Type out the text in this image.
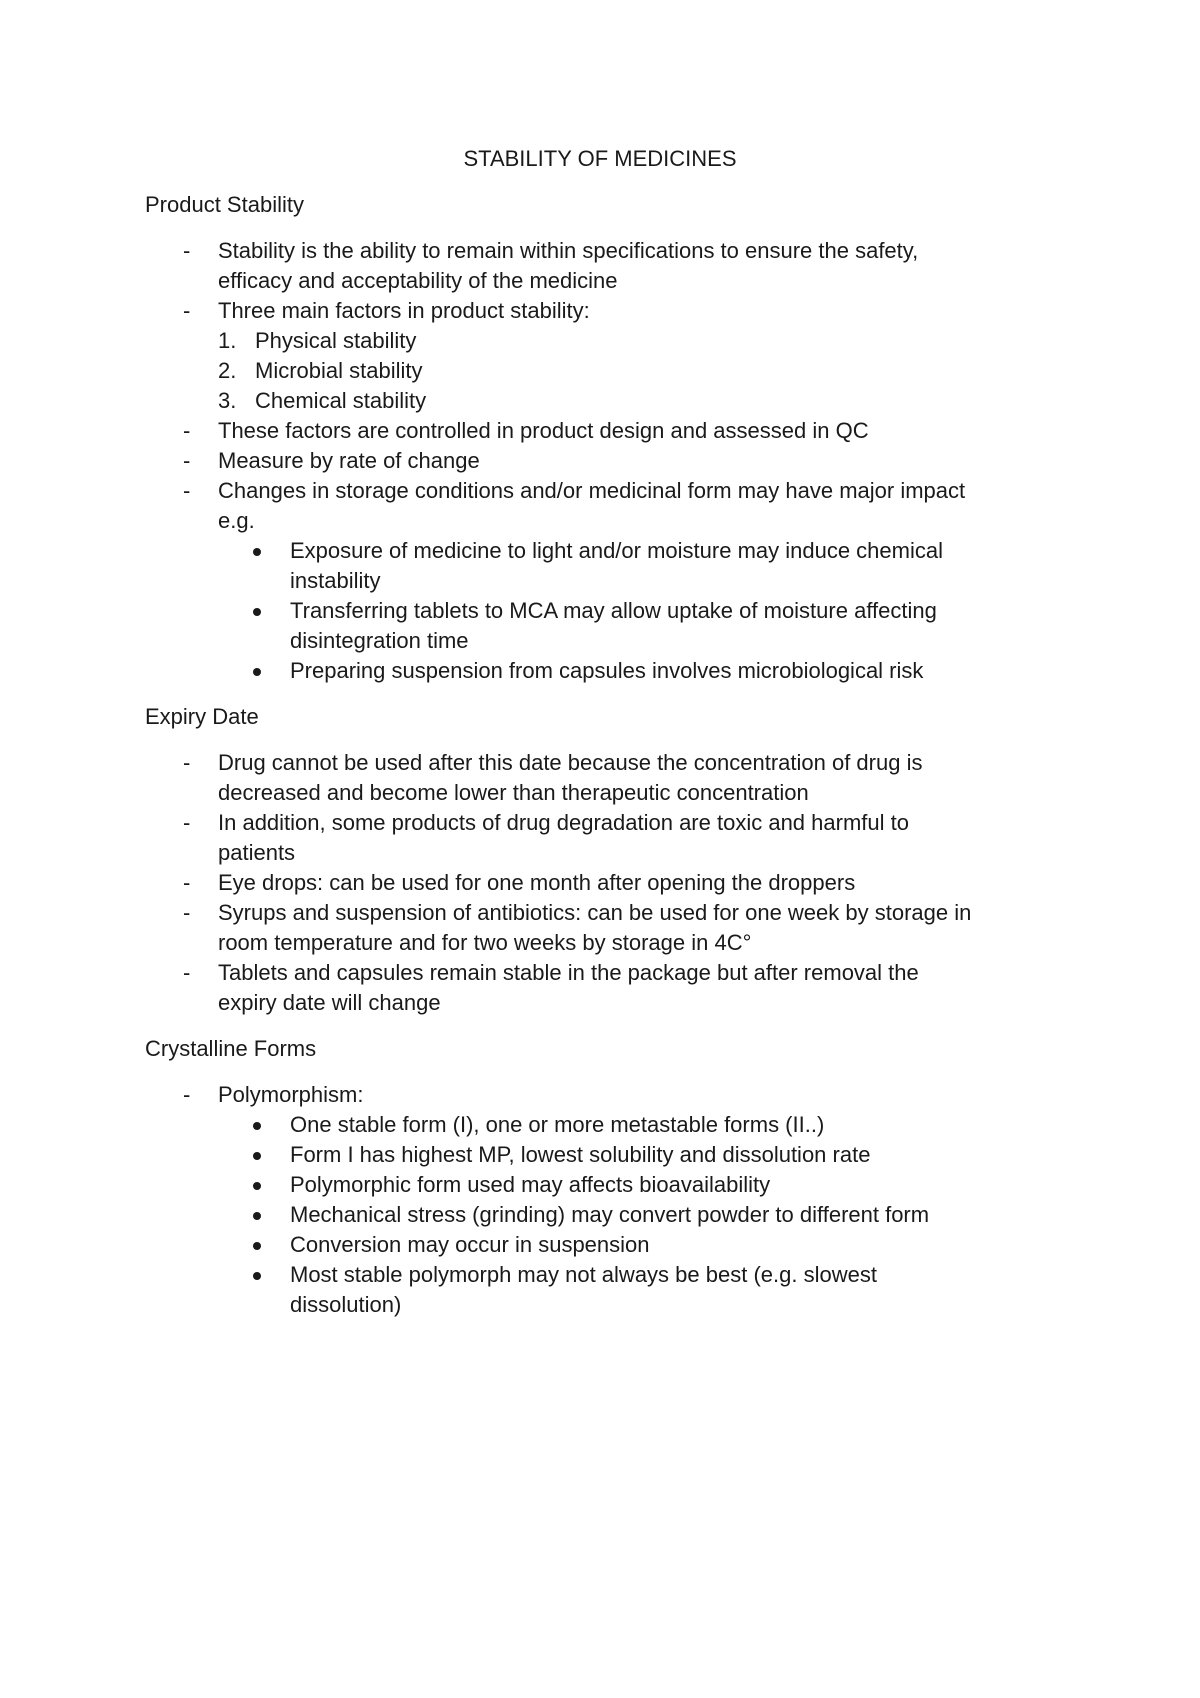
STABILITY OF MEDICINES
Product Stability
- Stability is the ability to remain within specifications to ensure the safety,
efficacy and acceptability of the medicine
- Three main factors in product stability:
1. Physical stability
2. Microbial stability
3. Chemical stability
- These factors are controlled in product design and assessed in QC
- Measure by rate of change
- Changes in storage conditions and/or medicinal form may have major impact
e.g.
Exposure of medicine to light and/or moisture may induce chemical
instability
Transferring tablets to MCA may allow uptake of moisture affecting
disintegration time
Preparing suspension from capsules involves microbiological risk
Expiry Date
- Drug cannot be used after this date because the concentration of drug is
decreased and become lower than therapeutic concentration
- In addition, some products of drug degradation are toxic and harmful to
patients
- Eye drops: can be used for one month after opening the droppers
- Syrups and suspension of antibiotics: can be used for one week by storage in
room temperature and for two weeks by storage in 4C°
- Tablets and capsules remain stable in the package but after removal the
expiry date will change
Crystalline Forms
- Polymorphism:
One stable form (I), one or more metastable forms (II..)
Form I has highest MP, lowest solubility and dissolution rate
Polymorphic form used may affects bioavailability
Mechanical stress (grinding) may convert powder to different form
Conversion may occur in suspension
Most stable polymorph may not always be best (e.g. slowest
dissolution)
